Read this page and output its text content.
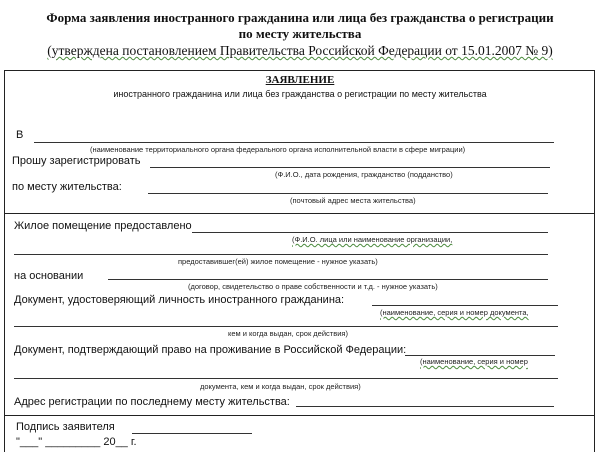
Форма заявления иностранного гражданина или лица без гражданства о регистрации
по месту жительства
(утверждена постановлением Правительства Российской Федерации от 15.01.2007 № 9)
ЗАЯВЛЕНИЕ
иностранного гражданина или лица без гражданства о регистрации по месту жительства
В
(наименование территориального органа федерального органа исполнительной власти в сфере миграции)
Прошу зарегистрировать
(Ф.И.О., дата рождения, гражданство (подданство)
по месту жительства:
(почтовый адрес места жительства)
Жилое помещение предоставлено
(Ф.И.О. лица или наименование организации,
предоставившег(ей) жилое помещение - нужное указать)
на основании
(договор, свидетельство о праве собственности и т.д. - нужное указать)
Документ, удостоверяющий личность иностранного гражданина:
(наименование, серия и номер документа,
кем и когда выдан, срок действия)
Документ, подтверждающий право на проживание в Российской Федерации:
(наименование, серия и номер
документа, кем и когда выдан, срок действия)
Адрес регистрации по последнему месту жительства:
Подпись заявителя
"___" _________ 20__ г.
